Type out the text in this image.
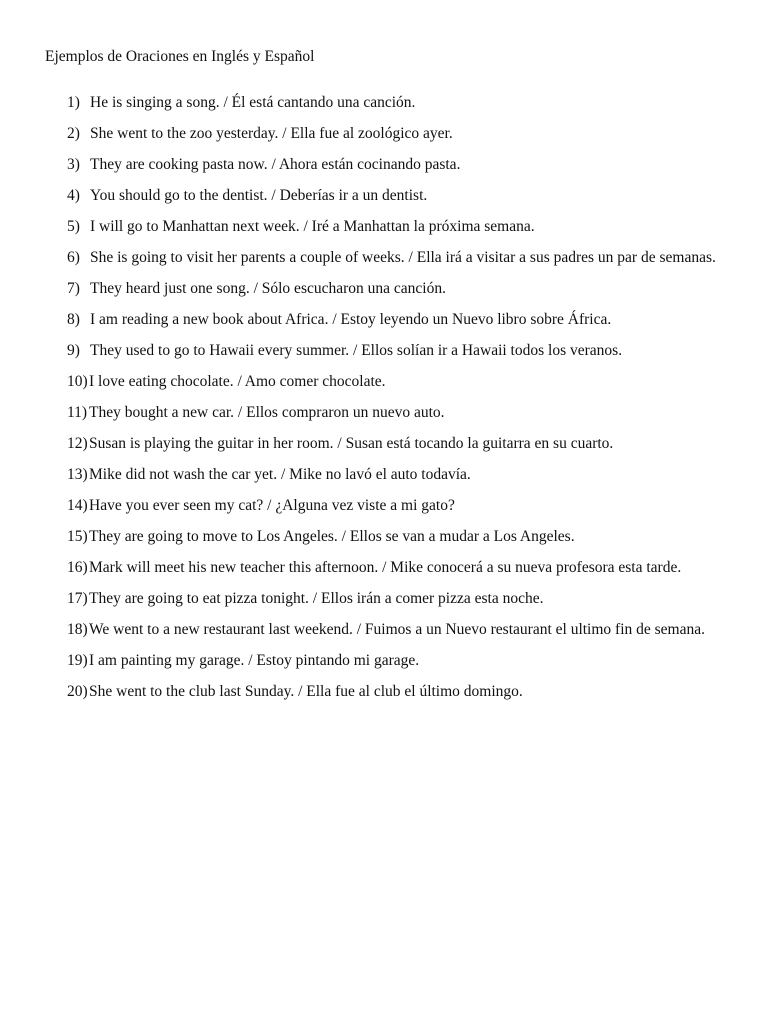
Ejemplos de Oraciones en Inglés y Español
1) He is singing a song. / Él está cantando una canción.
2) She went to the zoo yesterday. / Ella fue al zoológico ayer.
3) They are cooking pasta now. / Ahora están cocinando pasta.
4) You should go to the dentist. / Deberías ir a un dentist.
5) I will go to Manhattan next week. / Iré a Manhattan la próxima semana.
6) She is going to visit her parents a couple of weeks. / Ella irá a visitar a sus padres un par de semanas.
7) They heard just one song. / Sólo escucharon una canción.
8) I am reading a new book about Africa. / Estoy leyendo un Nuevo libro sobre África.
9) They used to go to Hawaii every summer. / Ellos solían ir a Hawaii todos los veranos.
10) I love eating chocolate. / Amo comer chocolate.
11) They bought a new car. / Ellos compraron un nuevo auto.
12) Susan is playing the guitar in her room. / Susan está tocando la guitarra en su cuarto.
13) Mike did not wash the car yet. / Mike no lavó el auto todavía.
14) Have you ever seen my cat? / ¿Alguna vez viste a mi gato?
15) They are going to move to Los Angeles. / Ellos se van a mudar a Los Angeles.
16) Mark will meet his new teacher this afternoon. / Mike conocerá a su nueva profesora esta tarde.
17) They are going to eat pizza tonight. / Ellos irán a comer pizza esta noche.
18) We went to a new restaurant last weekend. / Fuimos a un Nuevo restaurant el ultimo fin de semana.
19) I am painting my garage. / Estoy pintando mi garage.
20) She went to the club last Sunday. / Ella fue al club el último domingo.
